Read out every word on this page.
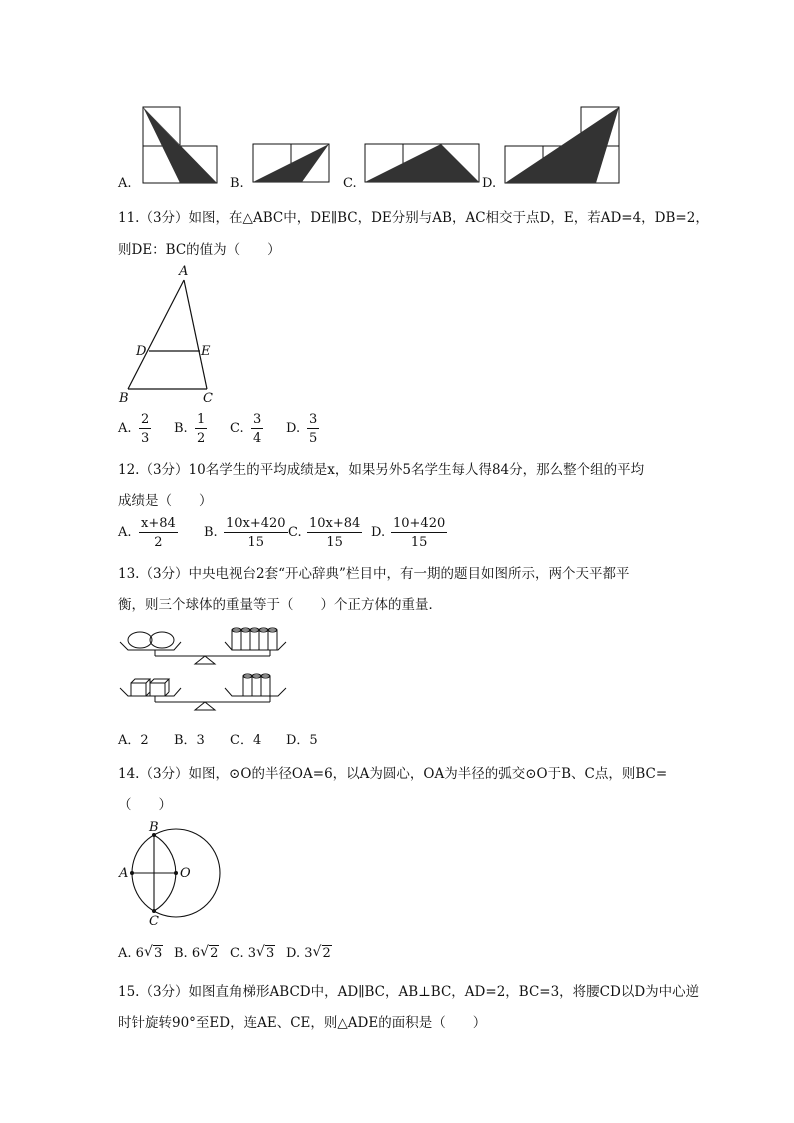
A.	B.	C.	D.
11.（3分）如图，在△ABC中，DE∥BC，DE分别与AB，AC相交于点D，E，若AD=4，DB=2，
则DE：BC的值为（　　）
A
D	E
B	C
A. $\frac{2}{3} B$. $\frac{1}{2} C$. $\frac{3}{4} D$. $\frac{3}{5}$
12.（3分）10名学生的平均成绩是x，如果另外5名学生每人得84分，那么整个组的平均
成绩是（　　）
A. $\frac{x+84}{2} B$. $\frac{10x+420}{15} C$. $\frac{10x+84}{15} D$. $\frac{10+420}{15}$
13.（3分）中央电视台2套“开心辞典”栏目中，有一期的题目如图所示，两个天平都平
衡，则三个球体的重量等于（　　）个正方体的重量．
A．2 B．3 C．4 D．5
14.（3分）如图，⊙O的半径OA=6，以A为圆心，OA为半径的弧交⊙O于B、C点，则BC=
（　　）
B
A	O
C
A. 6 √ 3 B. 6 √ 2 C. 3 √ 3 D. 3 √ 2
15.（3分）如图直角梯形ABCD中，AD∥BC，AB⊥BC，AD=2，BC=3，将腰CD以D为中心逆
时针旋转90°至ED，连AE、CE，则△ADE的面积是（　　）
